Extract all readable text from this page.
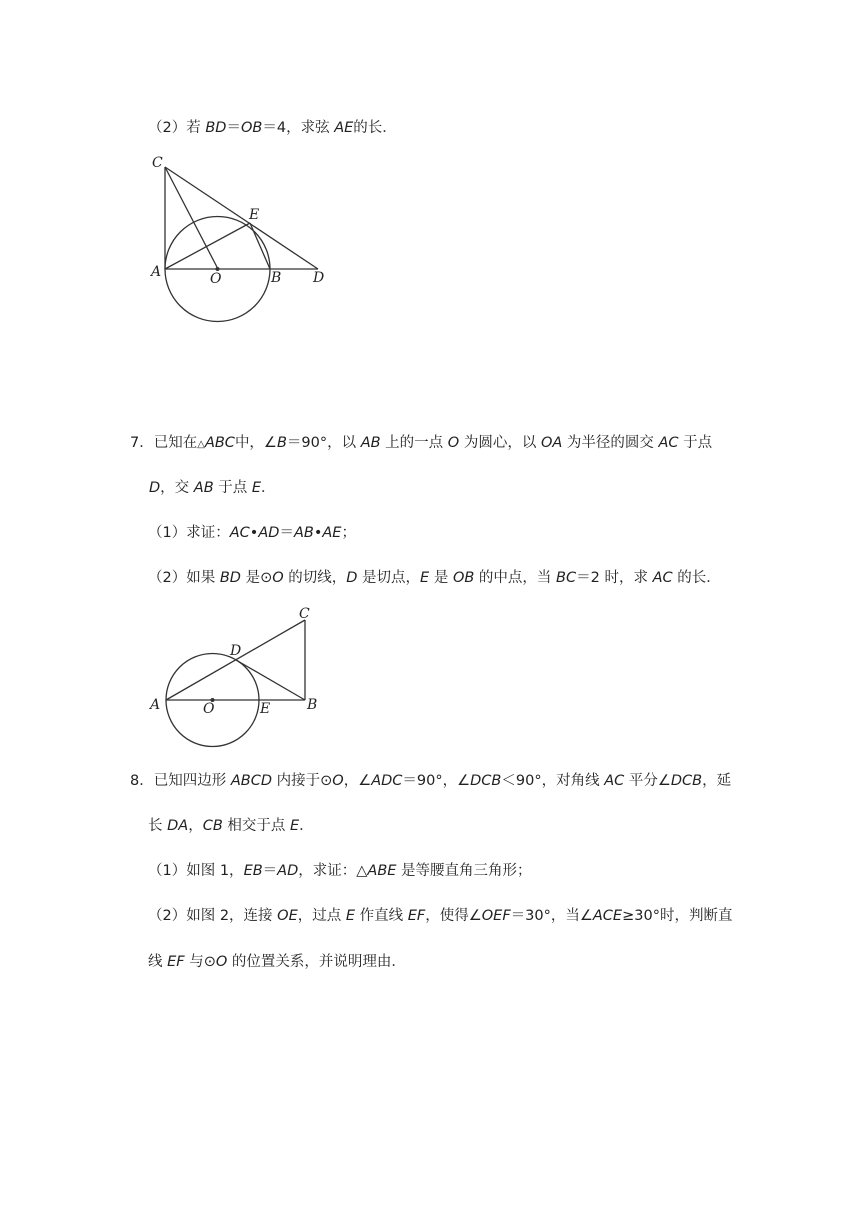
（2）若 BD＝OB＝4，求弦 AE的长．
C
E
A	O	B D
7．已知在△ABC中，∠B＝90°，以 AB 上的一点 O 为圆心，以 OA 为半径的圆交 AC 于点
D，交 AB 于点 E．
（1）求证：AC•AD＝AB•AE；
（2）如果 BD 是⊙O 的切线，D 是切点，E 是 OB 的中点，当 BC＝2 时，求 AC 的长．
C
D
A	O	E	B
8．已知四边形 ABCD 内接于⊙O，∠ADC＝90°，∠DCB＜90°，对角线 AC 平分∠DCB，延
长 DA，CB 相交于点 E．
（1）如图 1，EB＝AD，求证：△ABE 是等腰直角三角形；
（2）如图 2，连接 OE，过点 E 作直线 EF，使得∠OEF＝30°，当∠ACE≥30°时，判断直
线 EF 与⊙O 的位置关系，并说明理由．
